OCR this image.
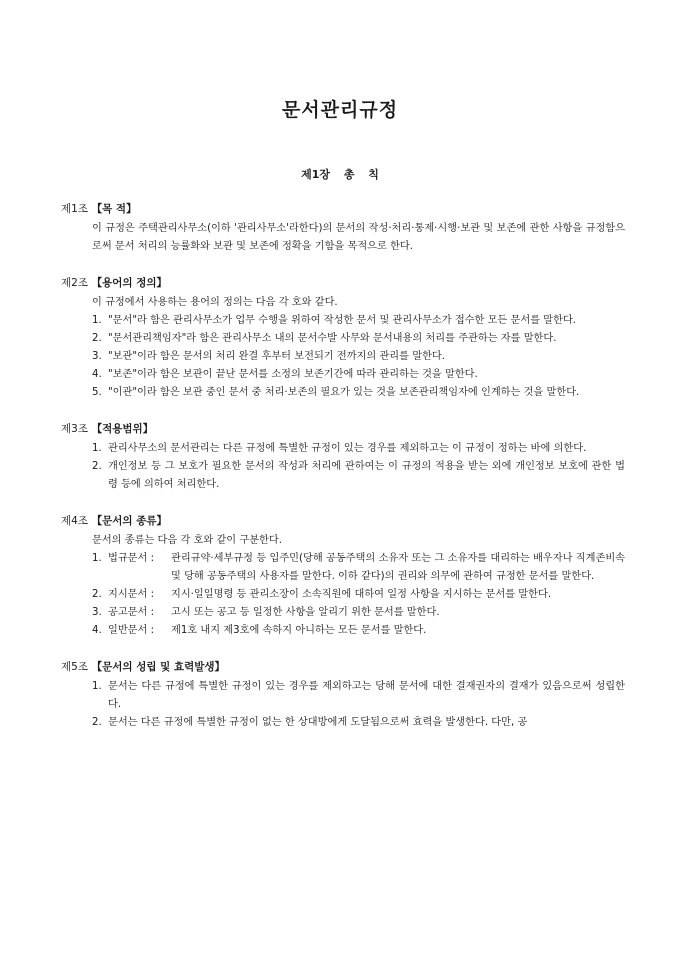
문서관리규정
제1장 총 칙
제1조 【목 적】
이 규정은 주택관리사무소(이하 '관리사무소'라한다)의 문서의 작성·처리·통제·시행·보관 및 보존에 관한 사항을 규정함으로써 문서 처리의 능률화와 보관 및 보존에 정확을 기함을 목적으로 한다.
제2조 【용어의 정의】
이 규정에서 사용하는 용어의 정의는 다음 각 호와 같다.
1. "문서"라 함은 관리사무소가 업무 수행을 위하여 작성한 문서 및 관리사무소가 접수한 모든 문서를 말한다.
2. "문서관리책임자"라 함은 관리사무소 내의 문서수발 사무와 문서내용의 처리를 주관하는 자를 말한다.
3. "보관"이라 함은 문서의 처리 완결 후부터 보전되기 전까지의 관리를 말한다.
4. "보존"이라 함은 보관이 끝난 문서를 소정의 보존기간에 따라 관리하는 것을 말한다.
5. "이관"이라 함은 보관 중인 문서 중 처리·보존의 필요가 있는 것을 보존관리책임자에 인계하는 것을 말한다.
제3조 【적용범위】
1. 관리사무소의 문서관리는 다른 규정에 특별한 규정이 있는 경우를 제외하고는 이 규정이 정하는 바에 의한다.
2. 개인정보 등 그 보호가 필요한 문서의 작성과 처리에 관하여는 이 규정의 적용을 받는 외에 개인정보 보호에 관한 법령 등에 의하여 처리한다.
제4조 【문서의 종류】
문서의 종류는 다음 각 호와 같이 구분한다.
1. 법규문서 : 관리규약·세부규정 등 입주민(당해 공동주택의 소유자 또는 그 소유자를 대리하는 배우자나 직계존비속 및 당해 공동주택의 사용자를 말한다. 이하 같다)의 권리와 의무에 관하여 규정한 문서를 말한다.
2. 지시문서 : 지시·일일명령 등 관리소장이 소속직원에 대하여 일정 사항을 지시하는 문서를 말한다.
3. 공고문서 : 고시 또는 공고 등 일정한 사항을 알리기 위한 문서를 말한다.
4. 일반문서 : 제1호 내지 제3호에 속하지 아니하는 모든 문서를 말한다.
제5조 【문서의 성립 및 효력발생】
1. 문서는 다른 규정에 특별한 규정이 있는 경우를 제외하고는 당해 문서에 대한 결재권자의 결재가 있음으로써 성립한다.
2. 문서는 다른 규정에 특별한 규정이 없는 한 상대방에게 도달됨으로써 효력을 발생한다. 다만, 공
